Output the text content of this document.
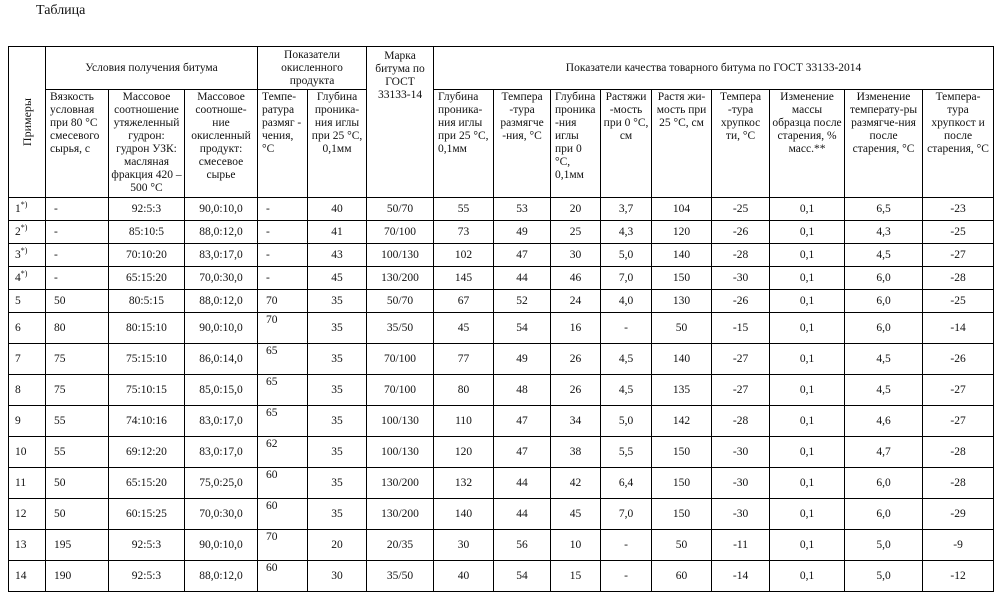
Таблица
Примеры	Условия получения битума			Показатели окисленного продукта		Марка битума по ГОСТ 33133-14	Показатели качества товарного битума по ГОСТ 33133-2014								
	Вязкость условная при 80 °С смесевого сырья, с	Массовое соотношение утяжеленный гудрон: гудрон УЗК: масляная фракция 420 – 500 °С	Массовое соотноше-ние окисленный продукт: смесевое сырье	Темпе-ратура размяг - чения, °С	Глубина проника-ния иглы при 25 °С, 0,1мм		Глубина проника-ния иглы при 25 °С, 0,1мм	Темпера -тура размягче -ния, °С	Глубина проника -ния иглы при 0 °С, 0,1мм	Растяжи -мость при 0 °С, см	Растя жи-мость при 25 °С, см	Темпера -тура хрупкос ти, °С	Изменение массы образца после старения, % масс.**	Изменение температу-ры размягче-ния после старения, °С	Темпера-тура хрупкост и после старения, °С
1*)	-	92:5:3	90,0:10,0	-	40	50/70	55	53	20	3,7	104	-25	0,1	6,5	-23
2*)	-	85:10:5	88,0:12,0	-	41	70/100	73	49	25	4,3	120	-26	0,1	4,3	-25
3*)	-	70:10:20	83,0:17,0	-	43	100/130	102	47	30	5,0	140	-28	0,1	4,5	-27
4*)	-	65:15:20	70,0:30,0	-	45	130/200	145	44	46	7,0	150	-30	0,1	6,0	-28
5	50	80:5:15	88,0:12,0	70	35	50/70	67	52	24	4,0	130	-26	0,1	6,0	-25
6	80	80:15:10	90,0:10,0	70	35	35/50	45	54	16	-	50	-15	0,1	6,0	-14
7	75	75:15:10	86,0:14,0	65	35	70/100	77	49	26	4,5	140	-27	0,1	4,5	-26
8	75	75:10:15	85,0:15,0	65	35	70/100	80	48	26	4,5	135	-27	0,1	4,5	-27
9	55	74:10:16	83,0:17,0	65	35	100/130	110	47	34	5,0	142	-28	0,1	4,6	-27
10	55	69:12:20	83,0:17,0	62	35	100/130	120	47	38	5,5	150	-30	0,1	4,7	-28
11	50	65:15:20	75,0:25,0	60	35	130/200	132	44	42	6,4	150	-30	0,1	6,0	-28
12	50	60:15:25	70,0:30,0	60	35	130/200	140	44	45	7,0	150	-30	0,1	6,0	-29
13	195	92:5:3	90,0:10,0	70	20	20/35	30	56	10	-	50	-11	0,1	5,0	-9
14	190	92:5:3	88,0:12,0	60	30	35/50	40	54	15	-	60	-14	0,1	5,0	-12
